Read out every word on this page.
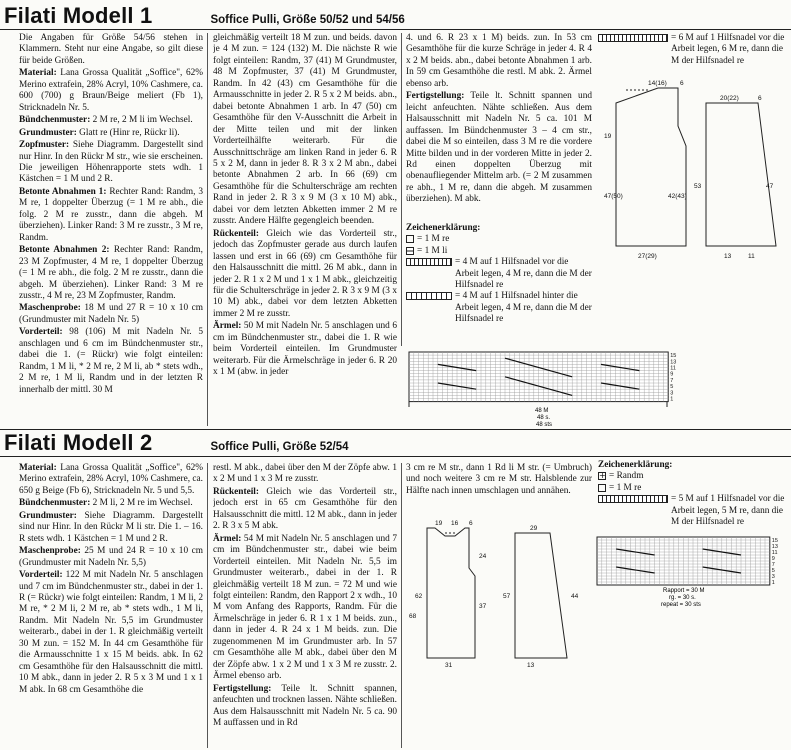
Filati Modell 1	Soffice Pulli, Größe 50/52 und 54/56

Die Angaben für Größe 54/56 stehen in Klammern. Steht nur eine Angabe, so gilt diese für beide Größen.

Material: Lana Grossa Qualität „Soffice", 62% Merino extrafein, 28% Acryl, 10% Cashmere, ca. 600 (700) g Braun/Beige meliert (Fb 1), Stricknadeln Nr. 5.

Bündchenmuster: 2 M re, 2 M li im Wechsel.

Grundmuster: Glatt re (Hinr re, Rückr li).

Zopfmuster: Siehe Diagramm. Dargestellt sind nur Hinr. In den Rückr M str., wie sie erscheinen. Die jeweiligen Höhenrapporte stets wdh. 1 Kästchen = 1 M und 2 R.

Betonte Abnahmen 1: Rechter Rand: Randm, 3 M re, 1 doppelter Überzug (= 1 M re abh., die folg. 2 M re zusstr., dann die abgeh. M überziehen). Linker Rand: 3 M re zusstr., 3 M re, Randm.

Betonte Abnahmen 2: Rechter Rand: Randm, 23 M Zopfmuster, 4 M re, 1 doppelter Überzug (= 1 M re abh., die folg. 2 M re zusstr., dann die abgeh. M überziehen). Linker Rand: 3 M re zusstr., 4 M re, 23 M Zopfmuster, Randm.

Maschenprobe: 18 M und 27 R = 10 x 10 cm (Grundmuster mit Nadeln Nr. 5)

Vorderteil: 98 (106) M mit Nadeln Nr. 5 anschlagen und 6 cm im Bündchenmuster str., dabei die 1. (= Rückr) wie folgt einteilen: Randm, 1 M li, * 2 M re, 2 M li, ab * stets wdh., 2 M re, 1 M li, Randm und in der letzten R innerhalb der mittl. 30 M

gleichmäßig verteilt 18 M zun. und beids. davon je 4 M zun. = 124 (132) M. Die nächste R wie folgt einteilen: Randm, 37 (41) M Grundmuster, 48 M Zopfmuster, 37 (41) M Grundmuster, Randm. In 42 (43) cm Gesamthöhe für die Armausschnitte in jeder 2. R 5 x 2 M beids. abn., dabei betonte Abnahmen 1 arb. In 47 (50) cm Gesamthöhe für den V-Ausschnitt die Arbeit in der Mitte teilen und mit der linken Vorderteilhälfte weiterarb. Für die Ausschnittschräge am linken Rand in jeder 6. R 5 x 2 M, dann in jeder 8. R 3 x 2 M abn., dabei betonte Abnahmen 2 arb. In 66 (69) cm Gesamthöhe für die Schulterschräge am rechten Rand in jeder 2. R 3 x 9 M (3 x 10 M) abk., dabei vor dem letzten Abketten immer 2 M re zusstr. Andere Hälfte gegengleich beenden.

Rückenteil: Gleich wie das Vorderteil str., jedoch das Zopfmuster gerade aus durch laufen lassen und erst in 66 (69) cm Gesamthöhe für den Halsausschnitt die mittl. 26 M abk., dann in jeder 2. R 1 x 2 M und 1 x 1 M abk., gleichzeitig für die Schulterschräge in jeder 2. R 3 x 9 M (3 x 10 M) abk., dabei vor dem letzten Abketten immer 2 M re zusstr.

Ärmel: 50 M mit Nadeln Nr. 5 anschlagen und 6 cm im Bündchenmuster str., dabei die 1. R wie beim Vorderteil einteilen. Im Grundmuster weiterarb. Für die Ärmelschräge in jeder 6. R 20 x 1 M (abw. in jeder

4. und 6. R 23 x 1 M) beids. zun. In 53 cm Gesamthöhe für die kurze Schräge in jeder 4. R 4 x 2 M beids. abn., dabei betonte Abnahmen 1 arb. In 59 cm Gesamthöhe die restl. M abk. 2. Ärmel ebenso arb.

Fertigstellung: Teile lt. Schnitt spannen und leicht anfeuchten. Nähte schließen. Aus dem Halsausschnitt mit Nadeln Nr. 5 ca. 101 M auffassen. Im Bündchenmuster 3 – 4 cm str., dabei die M so einteilen, dass 3 M re die vordere Mitte bilden und in der vorderen Mitte in jeder 2. Rd einen doppelten Überzug mit obenaufliegender Mittelm arb. (= 2 M zusammen re abh., 1 M re, dann die abgeh. M zusammen überziehen). M abk.

Zeichenerklärung:
= 1 M re
= 1 M li
= 4 M auf 1 Hilfsnadel vor die Arbeit legen, 4 M re, dann die M der Hilfsnadel re
= 4 M auf 1 Hilfsnadel hinter die Arbeit legen, 4 M re, dann die M der Hilfsnadel re
= 6 M auf 1 Hilfsnadel vor die Arbeit legen, 6 M re, dann die M der Hilfsnadel re
14(16) 6
19
47(50)	42(43)
27(29)
20(22)
53	47
13	11
6
15
13
11
9
7
5
3
1
48 M
48 s.
48 sts
Filati Modell 2	Soffice Pulli, Größe 52/54

Material: Lana Grossa Qualität „Soffice", 62% Merino extrafein, 28% Acryl, 10% Cashmere, ca. 650 g Beige (Fb 6), Stricknadeln Nr. 5 und 5,5.

Bündchenmuster: 2 M li, 2 M re im Wechsel.

Grundmuster: Siehe Diagramm. Dargestellt sind nur Hinr. In den Rückr M li str. Die 1. – 16. R stets wdh. 1 Kästchen = 1 M und 2 R.

Maschenprobe: 25 M und 24 R = 10 x 10 cm (Grundmuster mit Nadeln Nr. 5,5)

Vorderteil: 122 M mit Nadeln Nr. 5 anschlagen und 7 cm im Bündchenmuster str., dabei in der 1. R (= Rückr) wie folgt einteilen: Randm, 1 M li, 2 M re, * 2 M li, 2 M re, ab * stets wdh., 1 M li, Randm. Mit Nadeln Nr. 5,5 im Grundmuster weiterarb., dabei in der 1. R gleichmäßig verteilt 30 M zun. = 152 M. In 44 cm Gesamthöhe für die Armausschnitte 1 x 15 M beids. abk. In 62 cm Gesamthöhe für den Halsausschnitt die mittl. 10 M abk., dann in jeder 2. R 5 x 3 M und 1 x 1 M abk. In 68 cm Gesamthöhe die

restl. M abk., dabei über den M der Zöpfe abw. 1 x 2 M und 1 x 3 M re zusstr.

Rückenteil: Gleich wie das Vorderteil str., jedoch erst in 65 cm Gesamthöhe für den Halsausschnitt die mittl. 12 M abk., dann in jeder 2. R 3 x 5 M abk.

Ärmel: 54 M mit Nadeln Nr. 5 anschlagen und 7 cm im Bündchenmuster str., dabei wie beim Vorderteil einteilen. Mit Nadeln Nr. 5,5 im Grundmuster weiterarb., dabei in der 1. R gleichmäßig verteilt 18 M zun. = 72 M und wie folgt einteilen: Randm, den Rapport 2 x wdh., 10 M vom Anfang des Rapports, Randm. Für die Ärmelschräge in jeder 6. R 1 x 1 M beids. zun., dann in jeder 4. R 24 x 1 M beids. zun. Die zugenommenen M im Grundmuster arb. In 57 cm Gesamthöhe alle M abk., dabei über den M der Zöpfe abw. 1 x 2 M und 1 x 3 M re zusstr. 2. Ärmel ebenso arb.

Fertigstellung: Teile lt. Schnitt spannen, anfeuchten und trocknen lassen. Nähte schließen. Aus dem Halsausschnitt mit Nadeln Nr. 5 ca. 90 M auffassen und in Rd

3 cm re M str., dann 1 Rd li M str. (= Umbruch) und noch weitere 3 cm re M str. Halsblende zur Hälfte nach innen umschlagen und annähen.

19 16 6
62
68
37
24
31
57	44
13
29
Zeichenerklärung:
+ = Randm
= 1 M re
= 5 M auf 1 Hilfsnadel vor die Arbeit legen, 5 M re, dann die M der Hilfsnadel re
15
13
11
9
7
5
3
1
Rapport = 30 M
rg. = 30 s.
repeat = 30 sts
